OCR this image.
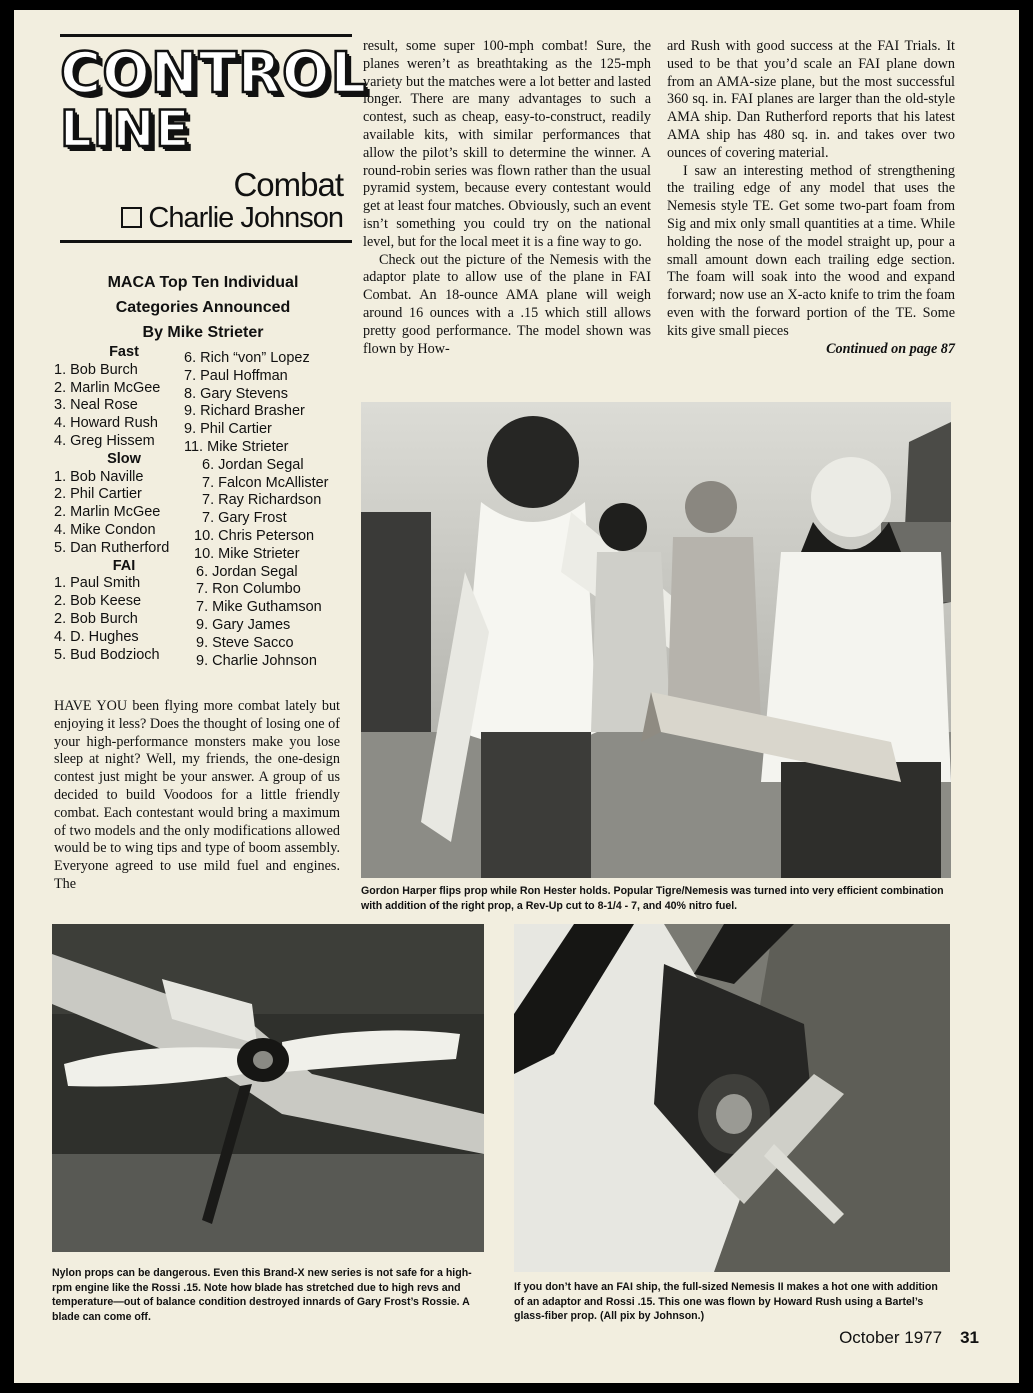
CONTROL
LINE
Combat
Charlie Johnson
MACA Top Ten Individual
Categories Announced
By Mike Strieter
Fast
1. Bob Burch
2. Marlin McGee
3. Neal Rose
4. Howard Rush
4. Greg Hissem
Slow
1. Bob Naville
2. Phil Cartier
2. Marlin McGee
4. Mike Condon
5. Dan Rutherford
FAI
1. Paul Smith
2. Bob Keese
2. Bob Burch
4. D. Hughes
5. Bud Bodzioch
6. Rich “von” Lopez
7. Paul Hoffman
8. Gary Stevens
9. Richard Brasher
9. Phil Cartier
11. Mike Strieter
6. Jordan Segal
7. Falcon McAllister
7. Ray Richardson
7. Gary Frost
10. Chris Peterson
10. Mike Strieter
6. Jordan Segal
7. Ron Columbo
7. Mike Guthamson
9. Gary James
9. Steve Sacco
9. Charlie Johnson

HAVE YOU been flying more combat lately but enjoying it less? Does the thought of losing one of your high-performance monsters make you lose sleep at night? Well, my friends, the one-design contest just might be your answer. A group of us decided to build Voodoos for a little friendly combat. Each contestant would bring a maximum of two models and the only modifications allowed would be to wing tips and type of boom assembly. Everyone agreed to use mild fuel and engines. The

result, some super 100-mph combat! Sure, the planes weren’t as breathtaking as the 125-mph variety but the matches were a lot better and lasted longer. There are many advantages to such a contest, such as cheap, easy-to-construct, readily available kits, with similar performances that allow the pilot’s skill to determine the winner. A round-robin series was flown rather than the usual pyramid system, because every contestant would get at least four matches. Obviously, such an event isn’t something you could try on the national level, but for the local meet it is a fine way to go.

Check out the picture of the Nemesis with the adaptor plate to allow use of the plane in FAI Combat. An 18-ounce AMA plane will weigh around 16 ounces with a .15 which still allows pretty good performance. The model shown was flown by How-

ard Rush with good success at the FAI Trials. It used to be that you’d scale an FAI plane down from an AMA-size plane, but the most successful 360 sq. in. FAI planes are larger than the old-style AMA ship. Dan Rutherford reports that his latest AMA ship has 480 sq. in. and takes over two ounces of covering material.

I saw an interesting method of strengthening the trailing edge of any model that uses the Nemesis style TE. Get some two-part foam from Sig and mix only small quantities at a time. While holding the nose of the model straight up, pour a small amount down each trailing edge section. The foam will soak into the wood and expand forward; now use an X-acto knife to trim the foam even with the forward portion of the TE. Some kits give small pieces

Continued on page 87

Gordon Harper flips prop while Ron Hester holds. Popular Tigre/Nemesis was turned into very efficient combination with addition of the right prop, a Rev-Up cut to 8-1/4 - 7, and 40% nitro fuel.
Nylon props can be dangerous. Even this Brand-X new series is not safe for a high-rpm engine like the Rossi .15. Note how blade has stretched due to high revs and temperature—out of balance condition destroyed innards of Gary Frost’s Rossie. A blade can come off.
If you don’t have an FAI ship, the full-sized Nemesis II makes a hot one with addition of an adaptor and Rossi .15. This one was flown by Howard Rush using a Bartel’s glass-fiber prop. (All pix by Johnson.)
October 1977 31
